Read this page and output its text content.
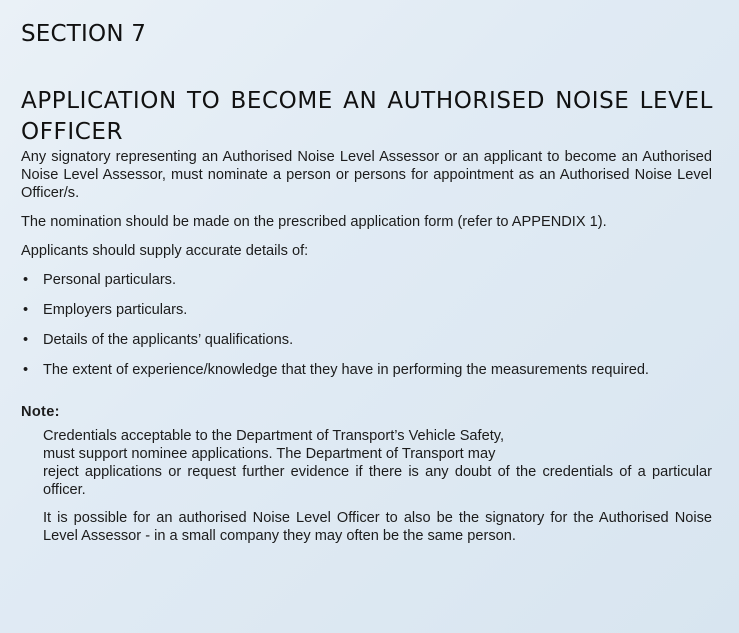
SECTION 7
APPLICATION TO BECOME AN AUTHORISED NOISE LEVEL OFFICER

Any signatory representing an Authorised Noise Level Assessor or an applicant to become an Authorised Noise Level Assessor, must nominate a person or persons for appointment as an Authorised Noise Level Officer/s.

The nomination should be made on the prescribed application form (refer to APPENDIX 1).

Applicants should supply accurate details of:

• Personal particulars.
• Employers particulars.
• Details of the applicants’ qualifications.
• The extent of experience/knowledge that they have in performing the measurements required.
Note:

Credentials acceptable to the Department of Transport’s Vehicle Safety,
must support nominee applications. The Department of Transport may
reject applications or request further evidence if there is any doubt of the credentials of a particular officer.

It is possible for an authorised Noise Level Officer to also be the signatory for the Authorised Noise Level Assessor - in a small company they may often be the same person.
